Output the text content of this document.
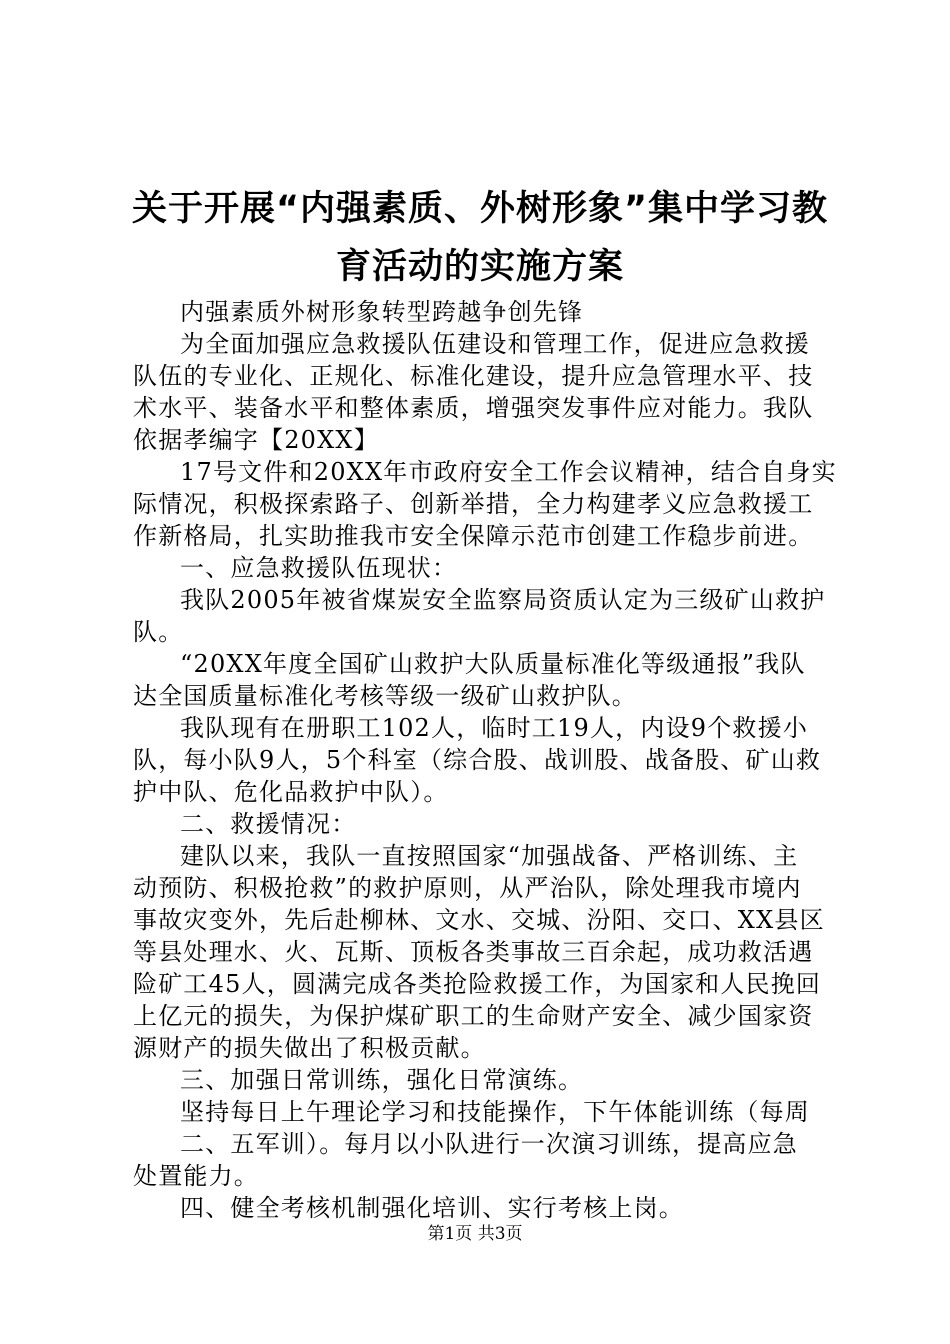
关于开展“内强素质、外树形象”集中学习教
育活动的实施方案
内强素质外树形象转型跨越争创先锋
为全面加强应急救援队伍建设和管理工作，促进应急救援
队伍的专业化、正规化、标准化建设，提升应急管理水平、技
术水平、装备水平和整体素质，增强突发事件应对能力。我队
依据孝编字【20XX】
17号文件和20XX年市政府安全工作会议精神，结合自身实
际情况，积极探索路子、创新举措，全力构建孝义应急救援工
作新格局，扎实助推我市安全保障示范市创建工作稳步前进。
一、应急救援队伍现状：
我队2005年被省煤炭安全监察局资质认定为三级矿山救护
队。
“20XX年度全国矿山救护大队质量标准化等级通报”我队
达全国质量标准化考核等级一级矿山救护队。
我队现有在册职工102人，临时工19人，内设9个救援小
队，每小队9人，5个科室（综合股、战训股、战备股、矿山救
护中队、危化品救护中队）。
二、救援情况：
建队以来，我队一直按照国家“加强战备、严格训练、主
动预防、积极抢救”的救护原则，从严治队，除处理我市境内
事故灾变外，先后赴柳林、文水、交城、汾阳、交口、XX县区
等县处理水、火、瓦斯、顶板各类事故三百余起，成功救活遇
险矿工45人，圆满完成各类抢险救援工作，为国家和人民挽回
上亿元的损失，为保护煤矿职工的生命财产安全、减少国家资
源财产的损失做出了积极贡献。
三、加强日常训练，强化日常演练。
坚持每日上午理论学习和技能操作，下午体能训练（每周
二、五军训）。每月以小队进行一次演习训练，提高应急
处置能力。
四、健全考核机制强化培训、实行考核上岗。
第1页 共3页
